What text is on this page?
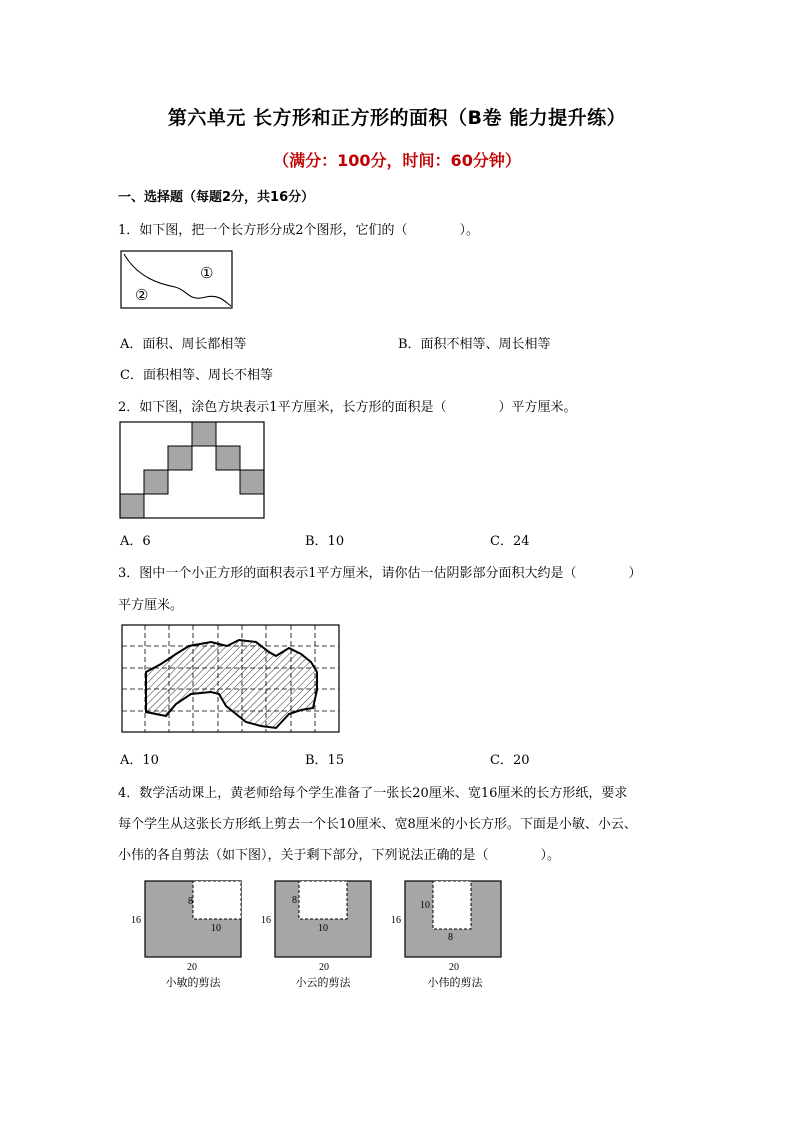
第六单元 长方形和正方形的面积（B卷 能力提升练）
（满分：100分，时间：60分钟）
一、选择题（每题2分，共16分）
1．如下图，把一个长方形分成2个图形，它们的（　　　　）。
①
②
A．面积、周长都相等	B．面积不相等、周长相等
C．面积相等、周长不相等
2．如下图，涂色方块表示1平方厘米，长方形的面积是（　　　　）平方厘米。
A．6	B．10	C．24
3．图中一个小正方形的面积表示1平方厘米，请你估一估阴影部分面积大约是（　　　　）
平方厘米。
A．10	B．15	C．20
4．数学活动课上，黄老师给每个学生准备了一张长20厘米、宽16厘米的长方形纸，要求
每个学生从这张长方形纸上剪去一个长10厘米、宽8厘米的小长方形。下面是小敏、小云、
小伟的各自剪法（如下图），关于剩下部分，下列说法正确的是（　　　　）。
8
10
16
20
小敏的剪法
8
10
16
20
小云的剪法
10
8
16
20
小伟的剪法
